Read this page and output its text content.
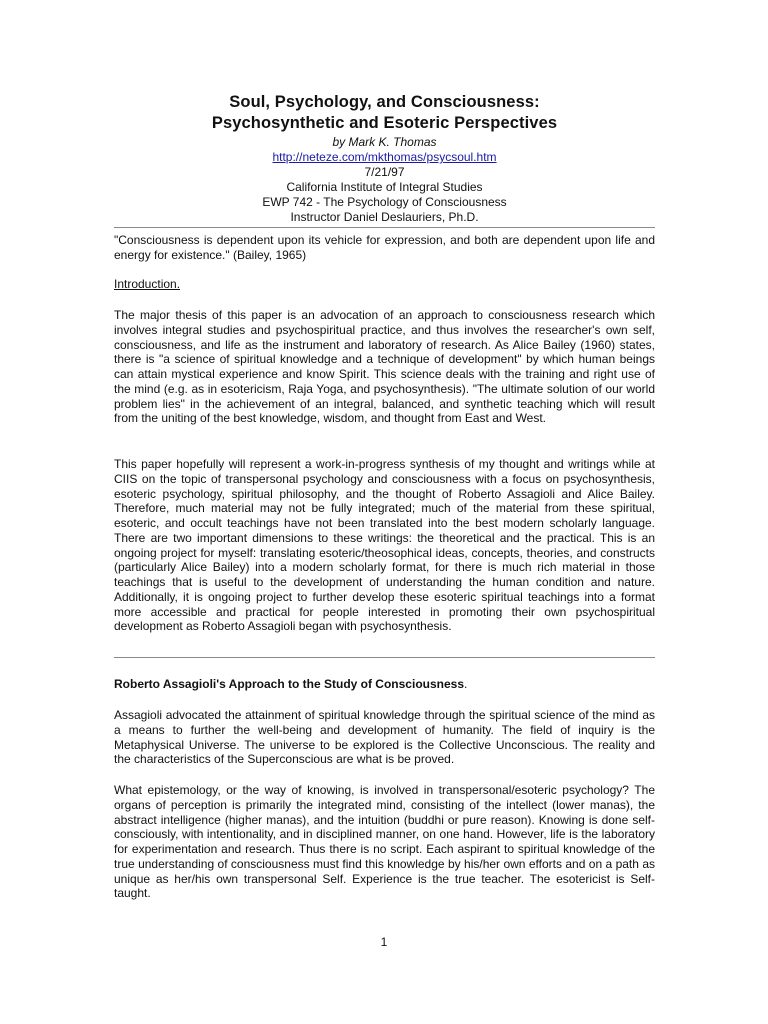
Soul, Psychology, and Consciousness:
Psychosynthetic and Esoteric Perspectives
by Mark K. Thomas
http://neteze.com/mkthomas/psycsoul.htm
7/21/97
California Institute of Integral Studies
EWP 742 - The Psychology of Consciousness
Instructor Daniel Deslauriers, Ph.D.

"Consciousness is dependent upon its vehicle for expression, and both are dependent upon life and energy for existence." (Bailey, 1965)

Introduction.

The major thesis of this paper is an advocation of an approach to consciousness research which involves integral studies and psychospiritual practice, and thus involves the researcher's own self, consciousness, and life as the instrument and laboratory of research. As Alice Bailey (1960) states, there is "a science of spiritual knowledge and a technique of development" by which human beings can attain mystical experience and know Spirit. This science deals with the training and right use of the mind (e.g. as in esotericism, Raja Yoga, and psychosynthesis). "The ultimate solution of our world problem lies" in the achievement of an integral, balanced, and synthetic teaching which will result from the uniting of the best knowledge, wisdom, and thought from East and West.

This paper hopefully will represent a work-in-progress synthesis of my thought and writings while at CIIS on the topic of transpersonal psychology and consciousness with a focus on psychosynthesis, esoteric psychology, spiritual philosophy, and the thought of Roberto Assagioli and Alice Bailey. Therefore, much material may not be fully integrated; much of the material from these spiritual, esoteric, and occult teachings have not been translated into the best modern scholarly language. There are two important dimensions to these writings: the theoretical and the practical. This is an ongoing project for myself: translating esoteric/theosophical ideas, concepts, theories, and constructs (particularly Alice Bailey) into a modern scholarly format, for there is much rich material in those teachings that is useful to the development of understanding the human condition and nature. Additionally, it is ongoing project to further develop these esoteric spiritual teachings into a format more accessible and practical for people interested in promoting their own psychospiritual development as Roberto Assagioli began with psychosynthesis.

Roberto Assagioli's Approach to the Study of Consciousness.

Assagioli advocated the attainment of spiritual knowledge through the spiritual science of the mind as a means to further the well-being and development of humanity. The field of inquiry is the Metaphysical Universe. The universe to be explored is the Collective Unconscious. The reality and the characteristics of the Superconscious are what is be proved.

What epistemology, or the way of knowing, is involved in transpersonal/esoteric psychology? The organs of perception is primarily the integrated mind, consisting of the intellect (lower manas), the abstract intelligence (higher manas), and the intuition (buddhi or pure reason). Knowing is done self-consciously, with intentionality, and in disciplined manner, on one hand. However, life is the laboratory for experimentation and research. Thus there is no script. Each aspirant to spiritual knowledge of the true understanding of consciousness must find this knowledge by his/her own efforts and on a path as unique as her/his own transpersonal Self. Experience is the true teacher. The esotericist is Self-taught.

1
